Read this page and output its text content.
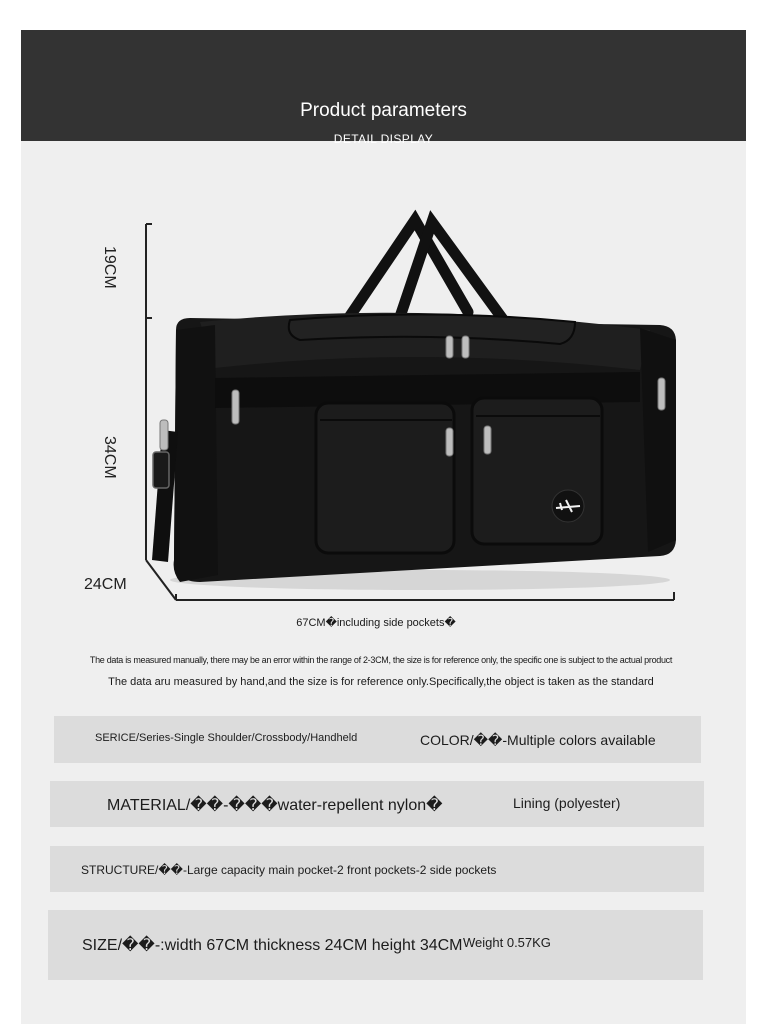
Product parameters
DETAIL DISPLAY
19CM
34CM
24CM
67CM�including side pockets�
The data is measured manually, there may be an error within the range of 2-3CM, the size is for reference only, the specific one is subject to the actual product
The data aru measured by hand,and the size is for reference only.Specifically,the object is taken as the standard
SERICE/Series-Single Shoulder/Crossbody/Handheld	COLOR/��-Multiple colors available
MATERIAL/��-���water-repellent nylon�	Lining (polyester)
STRUCTURE/��-Large capacity main pocket-2 front pockets-2 side pockets
SIZE/��-:width 67CM thickness 24CM height 34CM Weight 0.57KG
